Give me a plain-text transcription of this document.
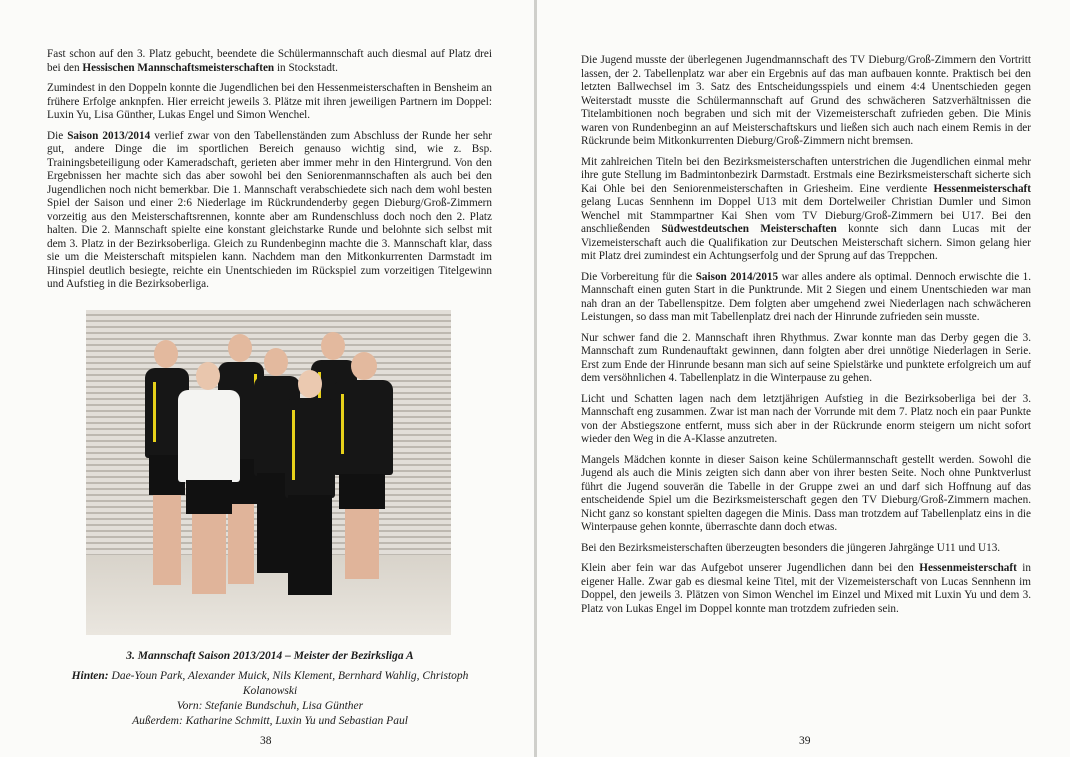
Fast schon auf den 3. Platz gebucht, beendete die Schülermannschaft auch diesmal auf Platz drei bei den Hessischen Mannschaftsmeisterschaften in Stockstadt.

Zumindest in den Doppeln konnte die Jugendlichen bei den Hessenmeisterschaften in Bensheim an frühere Erfolge anknpfen. Hier erreicht jeweils 3. Plätze mit ihren jeweiligen Partnern im Doppel: Luxin Yu, Lisa Günther, Lukas Engel und Simon Wenchel.

Die Saison 2013/2014 verlief zwar von den Tabellenständen zum Abschluss der Runde her sehr gut, andere Dinge die im sportlichen Bereich genauso wichtig sind, wie z. Bsp. Trainingsbeteiligung oder Kameradschaft, gerieten aber immer mehr in den Hintergrund. Von den Ergebnissen her machte sich das aber sowohl bei den Seniorenmannschaften als auch bei den Jugendlichen noch nicht bemerkbar. Die 1. Mannschaft verabschiedete sich nach dem wohl besten Spiel der Saison und einer 2:6 Niederlage im Rückrundenderby gegen Dieburg/Groß-Zimmern vorzeitig aus den Meisterschaftsrennen, konnte aber am Rundenschluss doch noch den 2. Platz halten. Die 2. Mannschaft spielte eine konstant gleichstarke Runde und belohnte sich selbst mit dem 3. Platz in der Bezirksoberliga. Gleich zu Rundenbeginn machte die 3. Mannschaft klar, dass sie um die Meisterschaft mitspielen kann. Nachdem man den Mitkonkurrenten Darmstadt im Hinspiel deutlich besiegte, reichte ein Unentschieden im Rückspiel zum vorzeitigen Titelgewinn und Aufstieg in die Bezirksoberliga.

3. Mannschaft Saison 2013/2014 – Meister der Bezirksliga A
Hinten: Dae-Youn Park, Alexander Muick, Nils Klement, Bernhard Wahlig, Christoph Kolanowski
Vorn: Stefanie Bundschuh, Lisa Günther
Außerdem: Katharine Schmitt, Luxin Yu und Sebastian Paul
38

Die Jugend musste der überlegenen Jugendmannschaft des TV Dieburg/Groß-Zimmern den Vortritt lassen, der 2. Tabellenplatz war aber ein Ergebnis auf das man aufbauen konnte. Praktisch bei den letzten Ballwechsel im 3. Satz des Entscheidungsspiels und einem 4:4 Unentschieden gegen Weiterstadt musste die Schülermannschaft auf Grund des schwächeren Satzverhältnissen die Titelambitionen noch begraben und sich mit der Vizemeisterschaft zufrieden geben. Die Minis waren von Rundenbeginn an auf Meisterschaftskurs und ließen sich auch nach einem Remis in der Rückrunde beim Mitkonkurrenten Dieburg/Groß-Zimmern nicht bremsen.

Mit zahlreichen Titeln bei den Bezirksmeisterschaften unterstrichen die Jugendlichen einmal mehr ihre gute Stellung im Badmintonbezirk Darmstadt. Erstmals eine Bezirksmeisterschaft sicherte sich Kai Ohle bei den Seniorenmeisterschaften in Griesheim. Eine verdiente Hessenmeisterschaft gelang Lucas Sennhenn im Doppel U13 mit dem Dortelweiler Christian Dumler und Simon Wenchel mit Stammpartner Kai Shen vom TV Dieburg/Groß-Zimmern bei U17. Bei den anschließenden Südwestdeutschen Meisterschaften konnte sich dann Lucas mit der Vizemeisterschaft auch die Qualifikation zur Deutschen Meisterschaft sichern. Simon gelang hier mit Platz drei zumindest ein Achtungserfolg und der Sprung auf das Treppchen.

Die Vorbereitung für die Saison 2014/2015 war alles andere als optimal. Dennoch erwischte die 1. Mannschaft einen guten Start in die Punktrunde. Mit 2 Siegen und einem Unentschieden war man nah dran an der Tabellenspitze. Dem folgten aber umgehend zwei Niederlagen nach schwächeren Leistungen, so dass man mit Tabellenplatz drei nach der Hinrunde zufrieden sein musste.

Nur schwer fand die 2. Mannschaft ihren Rhythmus. Zwar konnte man das Derby gegen die 3. Mannschaft zum Rundenauftakt gewinnen, dann folgten aber drei unnötige Niederlagen in Serie. Erst zum Ende der Hinrunde besann man sich auf seine Spielstärke und punktete erfolgreich um auf dem versöhnlichen 4. Tabellenplatz in die Winterpause zu gehen.

Licht und Schatten lagen nach dem letztjährigen Aufstieg in die Bezirksoberliga bei der 3. Mannschaft eng zusammen. Zwar ist man nach der Vorrunde mit dem 7. Platz noch ein paar Punkte von der Abstiegszone entfernt, muss sich aber in der Rückrunde enorm steigern um nicht sofort wieder den Weg in die A-Klasse anzutreten.

Mangels Mädchen konnte in dieser Saison keine Schülermannschaft gestellt werden. Sowohl die Jugend als auch die Minis zeigten sich dann aber von ihrer besten Seite. Noch ohne Punktverlust führt die Jugend souverän die Tabelle in der Gruppe zwei an und darf sich Hoffnung auf das entscheidende Spiel um die Bezirksmeisterschaft gegen den TV Dieburg/Groß-Zimmern machen. Nicht ganz so konstant spielten dagegen die Minis. Dass man trotzdem auf Tabellenplatz eins in die Winterpause gehen konnte, überraschte dann doch etwas.

Bei den Bezirksmeisterschaften überzeugten besonders die jüngeren Jahrgänge U11 und U13.

Klein aber fein war das Aufgebot unserer Jugendlichen dann bei den Hessenmeisterschaft in eigener Halle. Zwar gab es diesmal keine Titel, mit der Vizemeisterschaft von Lucas Sennhenn im Doppel, den jeweils 3. Plätzen von Simon Wenchel im Einzel und Mixed mit Luxin Yu und dem 3. Platz von Lukas Engel im Doppel konnte man trotzdem zufrieden sein.

39
